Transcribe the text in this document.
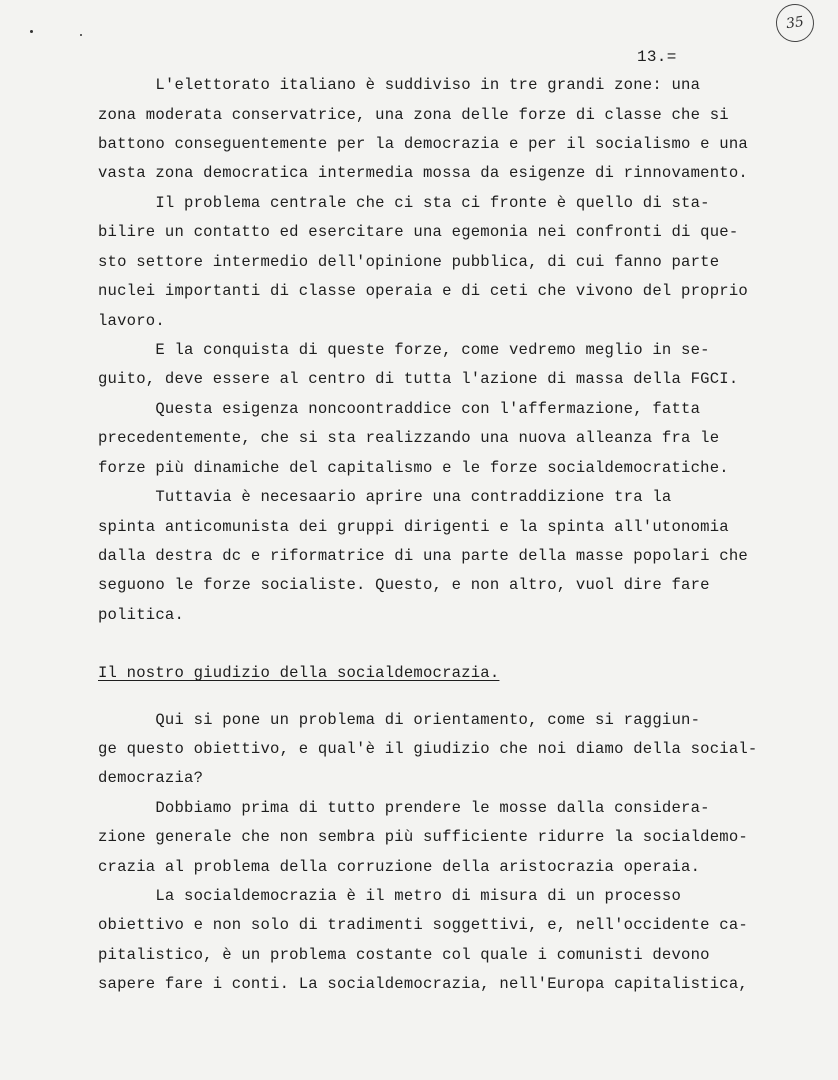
35
13.=
L'elettorato italiano è suddiviso in tre grandi zone: una
zona moderata conservatrice, una zona delle forze di classe che si
battono conseguentemente per la democrazia e per il socialismo e una
vasta zona democratica intermedia mossa da esigenze di rinnovamento.
Il problema centrale che ci sta ci fronte è quello di sta-
bilire un contatto ed esercitare una egemonia nei confronti di que-
sto settore intermedio dell'opinione pubblica, di cui fanno parte
nuclei importanti di classe operaia e di ceti che vivono del proprio
lavoro.
E la conquista di queste forze, come vedremo meglio in se-
guito, deve essere al centro di tutta l'azione di massa della FGCI.
Questa esigenza noncoontraddice con l'affermazione, fatta
precedentemente, che si sta realizzando una nuova alleanza fra le
forze più dinamiche del capitalismo e le forze socialdemocratiche.
Tuttavia è necesaario aprire una contraddizione tra la
spinta anticomunista dei gruppi dirigenti e la spinta all'utonomia
dalla destra dc e riformatrice di una parte della masse popolari che
seguono le forze socialiste. Questo, e non altro, vuol dire fare
politica.
Il nostro giudizio della socialdemocrazia.
Qui si pone un problema di orientamento, come si raggiun-
ge questo obiettivo, e qual'è il giudizio che noi diamo della social-
democrazia?
Dobbiamo prima di tutto prendere le mosse dalla considera-
zione generale che non sembra più sufficiente ridurre la socialdemo-
crazia al problema della corruzione della aristocrazia operaia.
La socialdemocrazia è il metro di misura di un processo
obiettivo e non solo di tradimenti soggettivi, e, nell'occidente ca-
pitalistico, è un problema costante col quale i comunisti devono
sapere fare i conti. La socialdemocrazia, nell'Europa capitalistica,
